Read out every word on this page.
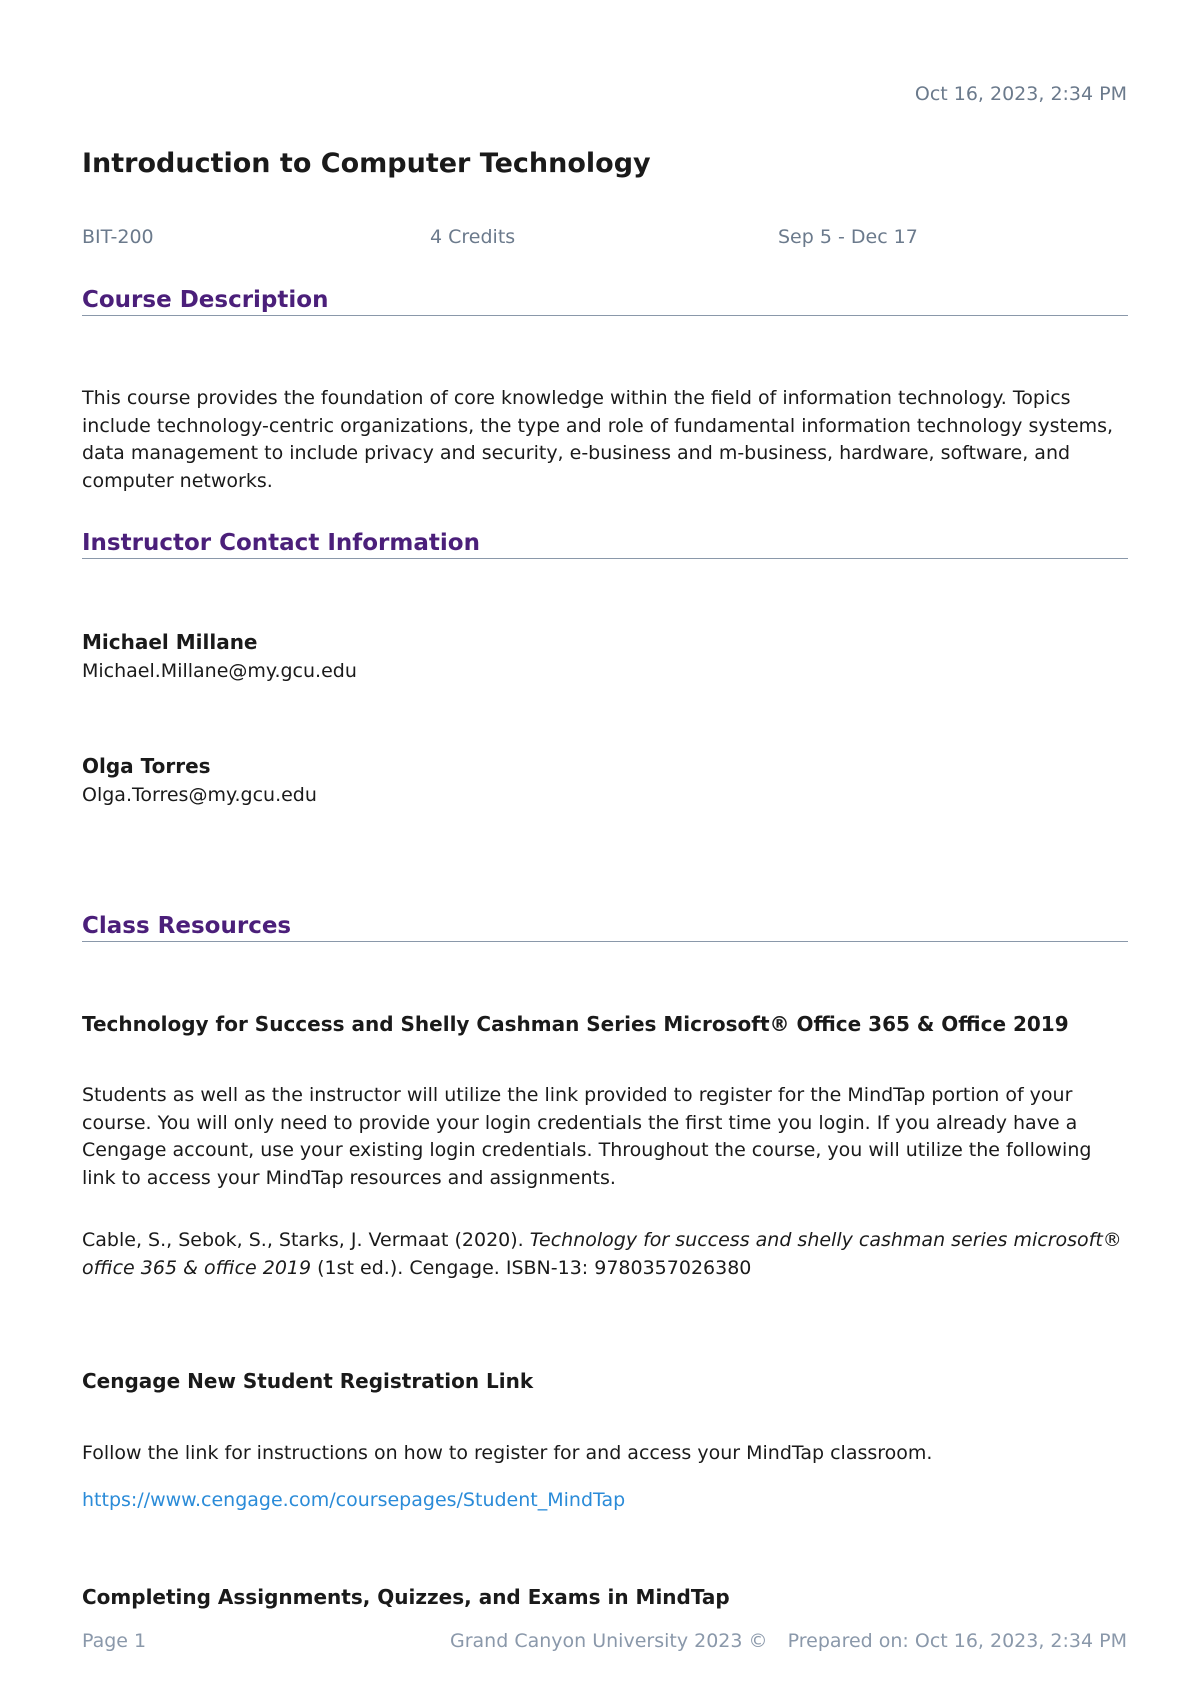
Oct 16, 2023, 2:34 PM
Introduction to Computer Technology
BIT-200	4 Credits	Sep 5 - Dec 17
Course Description

This course provides the foundation of core knowledge within the field of information technology. Topics include technology-centric organizations, the type and role of fundamental information technology systems, data management to include privacy and security, e-business and m-business, hardware, software, and computer networks.

Instructor Contact Information

Michael Millane

Michael.Millane@my.gcu.edu

Olga Torres

Olga.Torres@my.gcu.edu
Class Resources
Technology for Success and Shelly Cashman Series Microsoft® Office 365 & Office 2019

Students as well as the instructor will utilize the link provided to register for the MindTap portion of your course. You will only need to provide your login credentials the first time you login. If you already have a Cengage account, use your existing login credentials. Throughout the course, you will utilize the following link to access your MindTap resources and assignments.

Cable, S., Sebok, S., Starks, J. Vermaat (2020). Technology for success and shelly cashman series microsoft® office 365 & office 2019 (1st ed.). Cengage. ISBN-13: 9780357026380

Cengage New Student Registration Link

Follow the link for instructions on how to register for and access your MindTap classroom.

https://www.cengage.com/coursepages/Student_MindTap
Completing Assignments, Quizzes, and Exams in MindTap
Page 1	Grand Canyon University 2023 © Prepared on: Oct 16, 2023, 2:34 PM
